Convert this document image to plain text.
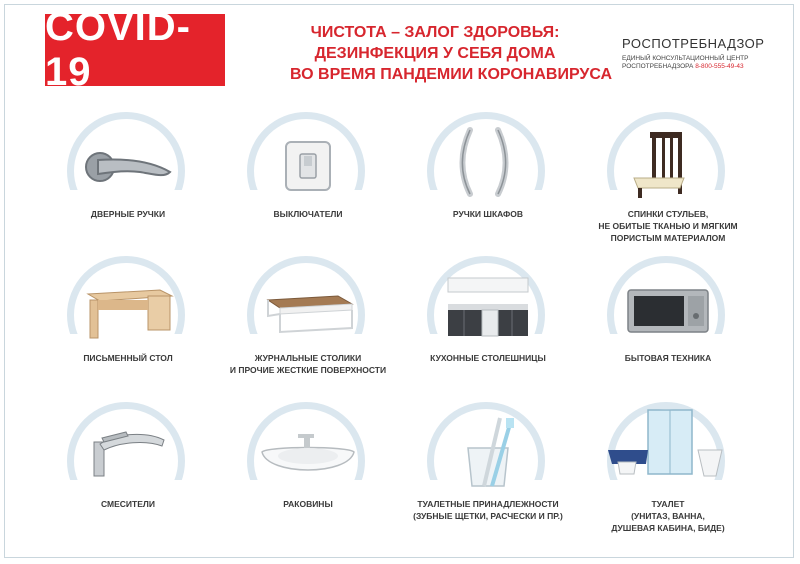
COVID-19
ЧИСТОТА – ЗАЛОГ ЗДОРОВЬЯ:
ДЕЗИНФЕКЦИЯ У СЕБЯ ДОМА
ВО ВРЕМЯ ПАНДЕМИИ КОРОНАВИРУСА
РОСПОТРЕБНАДЗОР
ЕДИНЫЙ КОНСУЛЬТАЦИОННЫЙ ЦЕНТР
РОСПОТРЕБНАДЗОРА 8-800-555-49-43
ДВЕРНЫЕ РУЧКИ	ВЫКЛЮЧАТЕЛИ	РУЧКИ ШКАФОВ	СПИНКИ СТУЛЬЕВ,
НЕ ОБИТЫЕ ТКАНЬЮ И МЯГКИМ
ПОРИСТЫМ МАТЕРИАЛОМ
ПИСЬМЕННЫЙ СТОЛ	ЖУРНАЛЬНЫЕ СТОЛИКИ
И ПРОЧИЕ ЖЕСТКИЕ ПОВЕРХНОСТИ
КУХОННЫЕ СТОЛЕШНИЦЫ	БЫТОВАЯ ТЕХНИКА
СМЕСИТЕЛИ	РАКОВИНЫ	ТУАЛЕТНЫЕ ПРИНАДЛЕЖНОСТИ
(ЗУБНЫЕ ЩЕТКИ, РАСЧЕСКИ И ПР.)
ТУАЛЕТ
(УНИТАЗ, ВАННА,
ДУШЕВАЯ КАБИНА, БИДЕ)
